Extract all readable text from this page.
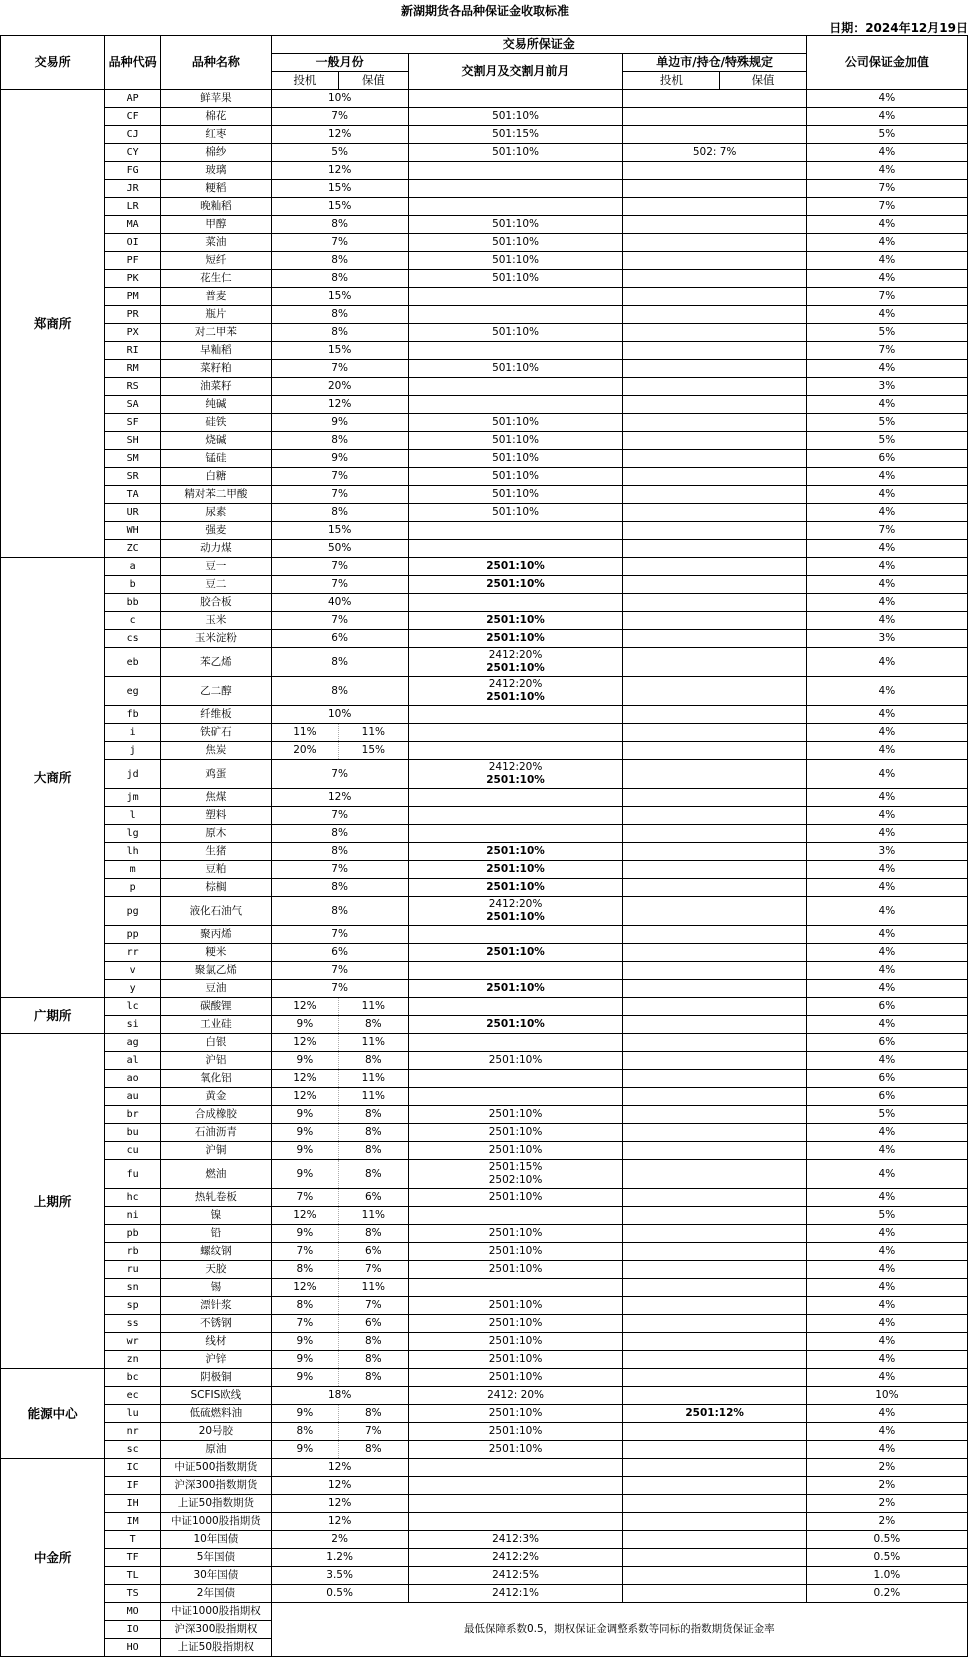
新湖期货各品种保证金收取标准
日期：2024年12月19日
交易所	品种代码	品种名称	交易所保证金					公司保证金加值
			一般月份		交割月及交割月前月	单边市/持仓/特殊规定		
			投机	保值		投机	保值	
郑商所	AP	鲜苹果	10%					4%
	CF	棉花	7%		501:10%			4%
	CJ	红枣	12%		501:15%			5%
	CY	棉纱	5%		501:10%	502: 7%		4%
	FG	玻璃	12%					4%
	JR	粳稻	15%					7%
	LR	晚籼稻	15%					7%
	MA	甲醇	8%		501:10%			4%
	OI	菜油	7%		501:10%			4%
	PF	短纤	8%		501:10%			4%
	PK	花生仁	8%		501:10%			4%
	PM	普麦	15%					7%
	PR	瓶片	8%					4%
	PX	对二甲苯	8%		501:10%			5%
	RI	早籼稻	15%					7%
	RM	菜籽粕	7%		501:10%			4%
	RS	油菜籽	20%					3%
	SA	纯碱	12%					4%
	SF	硅铁	9%		501:10%			5%
	SH	烧碱	8%		501:10%			5%
	SM	锰硅	9%		501:10%			6%
	SR	白糖	7%		501:10%			4%
	TA	精对苯二甲酸	7%		501:10%			4%
	UR	尿素	8%		501:10%			4%
	WH	强麦	15%					7%
	ZC	动力煤	50%					4%
大商所	a	豆一	7%		2501:10%			4%
	b	豆二	7%		2501:10%			4%
	bb	胶合板	40%					4%
	c	玉米	7%		2501:10%			4%
	cs	玉米淀粉	6%		2501:10%			3%
	eb	苯乙烯	8%		2412:20%
2501:10%			4%
	eg	乙二醇	8%		2412:20%
2501:10%			4%
	fb	纤维板	10%					4%
	i	铁矿石	11%	11%				4%
	j	焦炭	20%	15%				4%
	jd	鸡蛋	7%		2412:20%
2501:10%			4%
	jm	焦煤	12%					4%
	l	塑料	7%					4%
	lg	原木	8%					4%
	lh	生猪	8%		2501:10%			3%
	m	豆粕	7%		2501:10%			4%
	p	棕榈	8%		2501:10%			4%
	pg	液化石油气	8%		2412:20%
2501:10%			4%
	pp	聚丙烯	7%					4%
	rr	粳米	6%		2501:10%			4%
	v	聚氯乙烯	7%					4%
	y	豆油	7%		2501:10%			4%
广期所	lc	碳酸锂	12%	11%				6%
	si	工业硅	9%	8%	2501:10%			4%
上期所	ag	白银	12%	11%				6%
	al	沪铝	9%	8%	2501:10%			4%
	ao	氧化铝	12%	11%				6%
	au	黄金	12%	11%				6%
	br	合成橡胶	9%	8%	2501:10%			5%
	bu	石油沥青	9%	8%	2501:10%			4%
	cu	沪铜	9%	8%	2501:10%			4%
	fu	燃油	9%	8%	2501:15%
2502:10%			4%
	hc	热轧卷板	7%	6%	2501:10%			4%
	ni	镍	12%	11%				5%
	pb	铅	9%	8%	2501:10%			4%
	rb	螺纹钢	7%	6%	2501:10%			4%
	ru	天胶	8%	7%	2501:10%			4%
	sn	锡	12%	11%				4%
	sp	漂针浆	8%	7%	2501:10%			4%
	ss	不锈钢	7%	6%	2501:10%			4%
	wr	线材	9%	8%	2501:10%			4%
	zn	沪锌	9%	8%	2501:10%			4%
能源中心	bc	阴极铜	9%	8%	2501:10%			4%
	ec	SCFIS欧线	18%		2412: 20%			10%
	lu	低硫燃料油	9%	8%	2501:10%	2501:12%		4%
	nr	20号胶	8%	7%	2501:10%			4%
	sc	原油	9%	8%	2501:10%			4%
中金所	IC	中证500指数期货	12%					2%
	IF	沪深300指数期货	12%					2%
	IH	上证50指数期货	12%					2%
	IM	中证1000股指期货	12%					2%
	T	10年国债	2%		2412:3%			0.5%
	TF	5年国债	1.2%		2412:2%			0.5%
	TL	30年国债	3.5%		2412:5%			1.0%
	TS	2年国债	0.5%		2412:1%			0.2%
	MO	中证1000股指期权	最低保障系数0.5，期权保证金调整系数等同标的指数期货保证金率					
	IO	沪深300股指期权						
	HO	上证50股指期权						
